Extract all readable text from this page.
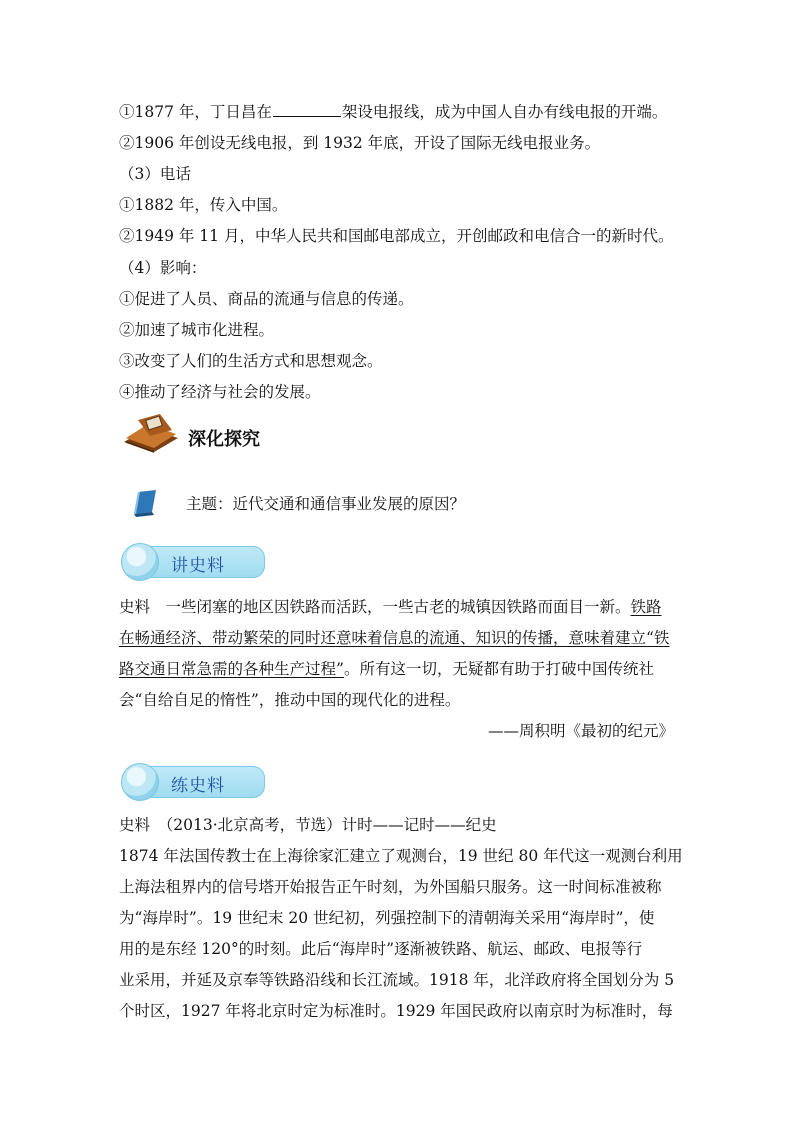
①1877 年，丁日昌在	架设电报线，成为中国人自办有线电报的开端。
②1906 年创设无线电报，到 1932 年底，开设了国际无线电报业务。
（3）电话
①1882 年，传入中国。
②1949 年 11 月，中华人民共和国邮电部成立，开创邮政和电信合一的新时代。
（4）影响：
①促进了人员、商品的流通与信息的传递。
②加速了城市化进程。
③改变了人们的生活方式和思想观念。
④推动了经济与社会的发展。
深化探究
主题：近代交通和通信事业发展的原因？
讲史料
史料　一些闭塞的地区因铁路而活跃，一些古老的城镇因铁路而面目一新。铁路
在畅通经济、带动繁荣的同时还意味着信息的流通、知识的传播，意味着建立“铁
路交通日常急需的各种生产过程”。所有这一切，无疑都有助于打破中国传统社
会“自给自足的惰性”，推动中国的现代化的进程。
——周积明《最初的纪元》
练史料
史料　（2013·北京高考，节选）计时——记时——纪史
1874 年法国传教士在上海徐家汇建立了观测台，19 世纪 80 年代这一观测台利用
上海法租界内的信号塔开始报告正午时刻，为外国船只服务。这一时间标准被称
为“海岸时”。19 世纪末 20 世纪初，列强控制下的清朝海关采用“海岸时”，使
用的是东经 120°的时刻。此后“海岸时”逐渐被铁路、航运、邮政、电报等行
业采用，并延及京奉等铁路沿线和长江流域。1918 年，北洋政府将全国划分为 5
个时区，1927 年将北京时定为标准时。1929 年国民政府以南京时为标准时，每
